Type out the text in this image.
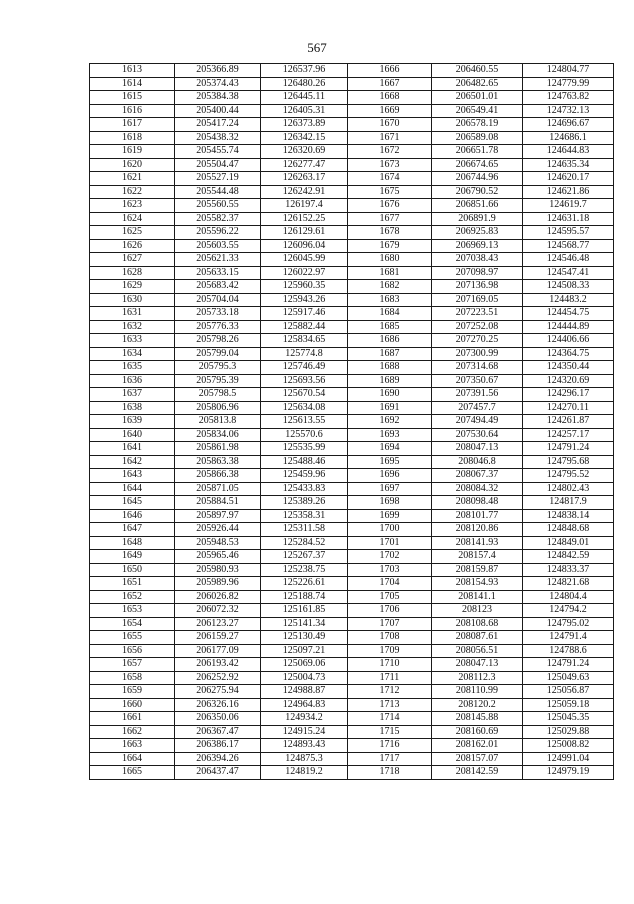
567
1613	205366.89	126537.96	1666	206460.55	124804.77
1614	205374.43	126480.26	1667	206482.65	124779.99
1615	205384.38	126445.11	1668	206501.01	124763.82
1616	205400.44	126405.31	1669	206549.41	124732.13
1617	205417.24	126373.89	1670	206578.19	124696.67
1618	205438.32	126342.15	1671	206589.08	124686.1
1619	205455.74	126320.69	1672	206651.78	124644.83
1620	205504.47	126277.47	1673	206674.65	124635.34
1621	205527.19	126263.17	1674	206744.96	124620.17
1622	205544.48	126242.91	1675	206790.52	124621.86
1623	205560.55	126197.4	1676	206851.66	124619.7
1624	205582.37	126152.25	1677	206891.9	124631.18
1625	205596.22	126129.61	1678	206925.83	124595.57
1626	205603.55	126096.04	1679	206969.13	124568.77
1627	205621.33	126045.99	1680	207038.43	124546.48
1628	205633.15	126022.97	1681	207098.97	124547.41
1629	205683.42	125960.35	1682	207136.98	124508.33
1630	205704.04	125943.26	1683	207169.05	124483.2
1631	205733.18	125917.46	1684	207223.51	124454.75
1632	205776.33	125882.44	1685	207252.08	124444.89
1633	205798.26	125834.65	1686	207270.25	124406.66
1634	205799.04	125774.8	1687	207300.99	124364.75
1635	205795.3	125746.49	1688	207314.68	124350.44
1636	205795.39	125693.56	1689	207350.67	124320.69
1637	205798.5	125670.54	1690	207391.56	124296.17
1638	205806.96	125634.08	1691	207457.7	124270.11
1639	205813.8	125613.55	1692	207494.49	124261.87
1640	205834.06	125570.6	1693	207530.64	124257.17
1641	205861.98	125535.99	1694	208047.13	124791.24
1642	205863.38	125488.46	1695	208046.8	124795.68
1643	205866.38	125459.96	1696	208067.37	124795.52
1644	205871.05	125433.83	1697	208084.32	124802.43
1645	205884.51	125389.26	1698	208098.48	124817.9
1646	205897.97	125358.31	1699	208101.77	124838.14
1647	205926.44	125311.58	1700	208120.86	124848.68
1648	205948.53	125284.52	1701	208141.93	124849.01
1649	205965.46	125267.37	1702	208157.4	124842.59
1650	205980.93	125238.75	1703	208159.87	124833.37
1651	205989.96	125226.61	1704	208154.93	124821.68
1652	206026.82	125188.74	1705	208141.1	124804.4
1653	206072.32	125161.85	1706	208123	124794.2
1654	206123.27	125141.34	1707	208108.68	124795.02
1655	206159.27	125130.49	1708	208087.61	124791.4
1656	206177.09	125097.21	1709	208056.51	124788.6
1657	206193.42	125069.06	1710	208047.13	124791.24
1658	206252.92	125004.73	1711	208112.3	125049.63
1659	206275.94	124988.87	1712	208110.99	125056.87
1660	206326.16	124964.83	1713	208120.2	125059.18
1661	206350.06	124934.2	1714	208145.88	125045.35
1662	206367.47	124915.24	1715	208160.69	125029.88
1663	206386.17	124893.43	1716	208162.01	125008.82
1664	206394.26	124875.3	1717	208157.07	124991.04
1665	206437.47	124819.2	1718	208142.59	124979.19
